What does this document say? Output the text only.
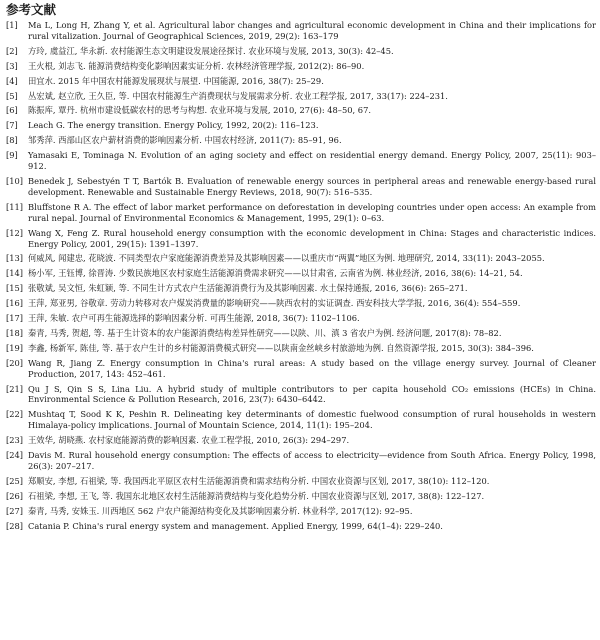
参考文献
[1]	Ma L, Long H, Zhang Y, et al. Agricultural labor changes and agricultural economic development in China and their implications for rural vitalization. Journal of Geographical Sciences, 2019, 29(2): 163–179
[2]	方玲, 虞益江, 华永新. 农村能源生态文明建设发展途径探讨. 农业环境与发展, 2013, 30(3): 42–45.
[3]	王火根, 刘志飞. 能源消费结构变化影响因素实证分析. 农林经济管理学报, 2012(2): 86–90.
[4]	田宜水. 2015 年中国农村能源发展现状与展望. 中国能源, 2016, 38(7): 25–29.
[5]	丛宏斌, 赵立欣, 王久臣, 等. 中国农村能源生产消费现状与发展需求分析. 农业工程学报, 2017, 33(17): 224–231.
[6]	陈振库, 覃丹. 杭州市建设低碳农村的思考与构想. 农业环境与发展, 2010, 27(6): 48–50, 67.
[7]	Leach G. The energy transition. Energy Policy, 1992, 20(2): 116–123.
[8]	邹秀萍. 西部山区农户薪材消费的影响因素分析. 中国农村经济, 2011(7): 85–91, 96.
[9]	Yamasaki E, Tominaga N. Evolution of an aging society and effect on residential energy demand. Energy Policy, 2007, 25(11): 903–912.
[10] Benedek J, Sebestyén T T, Bartók B. Evaluation of renewable energy sources in peripheral areas and renewable energy-based rural development. Renewable and Sustainable Energy Reviews, 2018, 90(7): 516–535.
[11] Bluffstone R A. The effect of labor market performance on deforestation in developing countries under open access: An example from rural nepal. Journal of Environmental Economics & Management, 1995, 29(1): 0–63.
[12] Wang X, Feng Z. Rural household energy consumption with the economic development in China: Stages and characteristic indices. Energy Policy, 2001, 29(15): 1391–1397.
[13] 何威风, 闻建忠, 花晓波. 不同类型农户家庭能源消费差异及其影响因素——以重庆市“两翼”地区为例. 地理研究, 2014, 33(11): 2043–2055.
[14] 杨小军, 王钰博, 徐晋涛. 少数民族地区农村家庭生活能源消费需求研究——以甘肃省, 云南省为例. 林业经济, 2016, 38(6): 14–21, 54.
[15] 张敬斌, 吴文恒, 朱虹颖, 等. 不同生计方式农户生活能源消费行为及其影响因素. 水土保持通报, 2016, 36(6): 265–271.
[16] 王萍, 郑亚男, 谷敬章. 劳动力转移对农户煤炭消费量的影响研究——陕西农村的实证调查. 西安科技大学学报, 2016, 36(4): 554–559.
[17] 王萍, 朱敏. 农户可再生能源选择的影响因素分析. 可再生能源, 2018, 36(7): 1102–1106.
[18] 秦青, 马秀, 贺超, 等. 基于生计资本的农户能源消费结构差异性研究——以陕、川、滇 3 省农户为例. 经济问题, 2017(8): 78–82.
[19] 李鑫, 杨新军, 陈佳, 等. 基于农户生计的乡村能源消费模式研究——以陕南金丝峡乡村旅游地为例. 自然资源学报, 2015, 30(3): 384–396.
[20] Wang R, Jiang Z. Energy consumption in China's rural areas: A study based on the village energy survey. Journal of Cleaner Production, 2017, 143: 452–461.
[21] Qu J S, Qin S S, Lina Liu. A hybrid study of multiple contributors to per capita household CO₂ emissions (HCEs) in China. Environmental Science & Pollution Research, 2016, 23(7): 6430–6442.
[22] Mushtaq T, Sood K K, Peshin R. Delineating key determinants of domestic fuelwood consumption of rural households in western Himalaya-policy implications. Journal of Mountain Science, 2014, 11(1): 195–204.
[23] 王效华, 胡晓燕. 农村家庭能源消费的影响因素. 农业工程学报, 2010, 26(3): 294–297.
[24] Davis M. Rural household energy consumption: The effects of access to electricity—evidence from South Africa. Energy Policy, 1998, 26(3): 207–217.
[25] 郑顺安, 李想, 石祖梁, 等. 我国西北平原区农村生活能源消费和需求结构分析. 中国农业资源与区划, 2017, 38(10): 112–120.
[26] 石祖梁, 李想, 王飞, 等. 我国东北地区农村生活能源消费结构与变化趋势分析. 中国农业资源与区划, 2017, 38(8): 122–127.
[27] 秦青, 马秀, 安姝玉. 川西地区 562 户农户能源结构变化及其影响因素分析. 林业科学, 2017(12): 92–95.
[28] Catania P. China's rural energy system and management. Applied Energy, 1999, 64(1–4): 229–240.
